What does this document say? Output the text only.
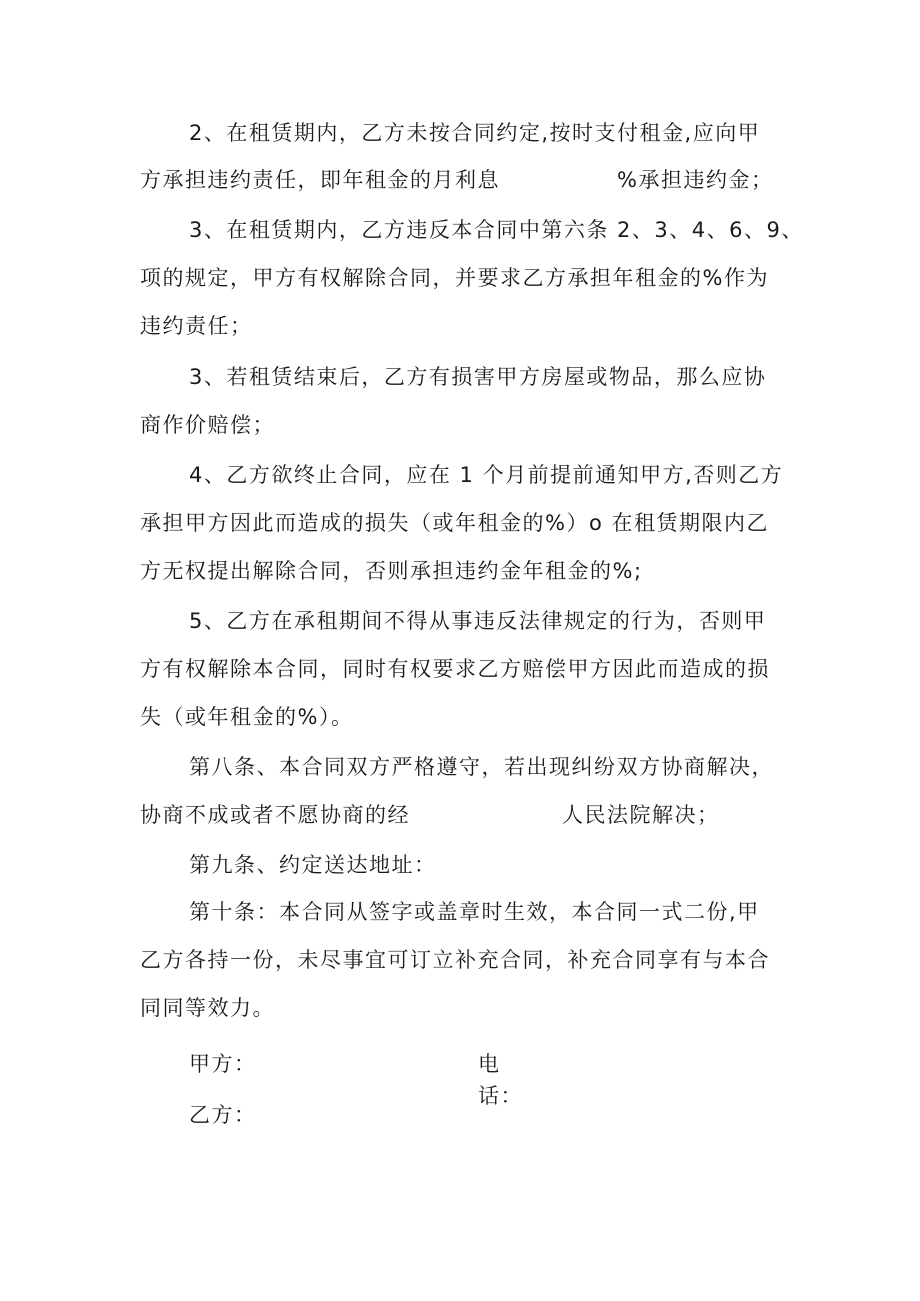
2、在租赁期内，乙方未按合同约定,按时支付租金,应向甲
方承担违约责任，即年租金的月利息	%承担违约金；
3、在租赁期内，乙方违反本合同中第六条 2、3、4、6、9、
项的规定，甲方有权解除合同，并要求乙方承担年租金的%作为
违约责任；
3、若租赁结束后，乙方有损害甲方房屋或物品，那么应协
商作价赔偿；
4、乙方欲终止合同，应在 1 个月前提前通知甲方,否则乙方
承担甲方因此而造成的损失（或年租金的%）o 在租赁期限内乙
方无权提出解除合同，否则承担违约金年租金的%;
5、乙方在承租期间不得从事违反法律规定的行为，否则甲
方有权解除本合同，同时有权要求乙方赔偿甲方因此而造成的损
失（或年租金的%）。
第八条、本合同双方严格遵守，若出现纠纷双方协商解决，
协商不成或者不愿协商的经	人民法院解决；
第九条、约定送达地址：
第十条：本合同从签字或盖章时生效，本合同一式二份,甲
乙方各持一份，未尽事宜可订立补充合同，补充合同享有与本合
同同等效力。
甲方：	电
话：
乙方：
